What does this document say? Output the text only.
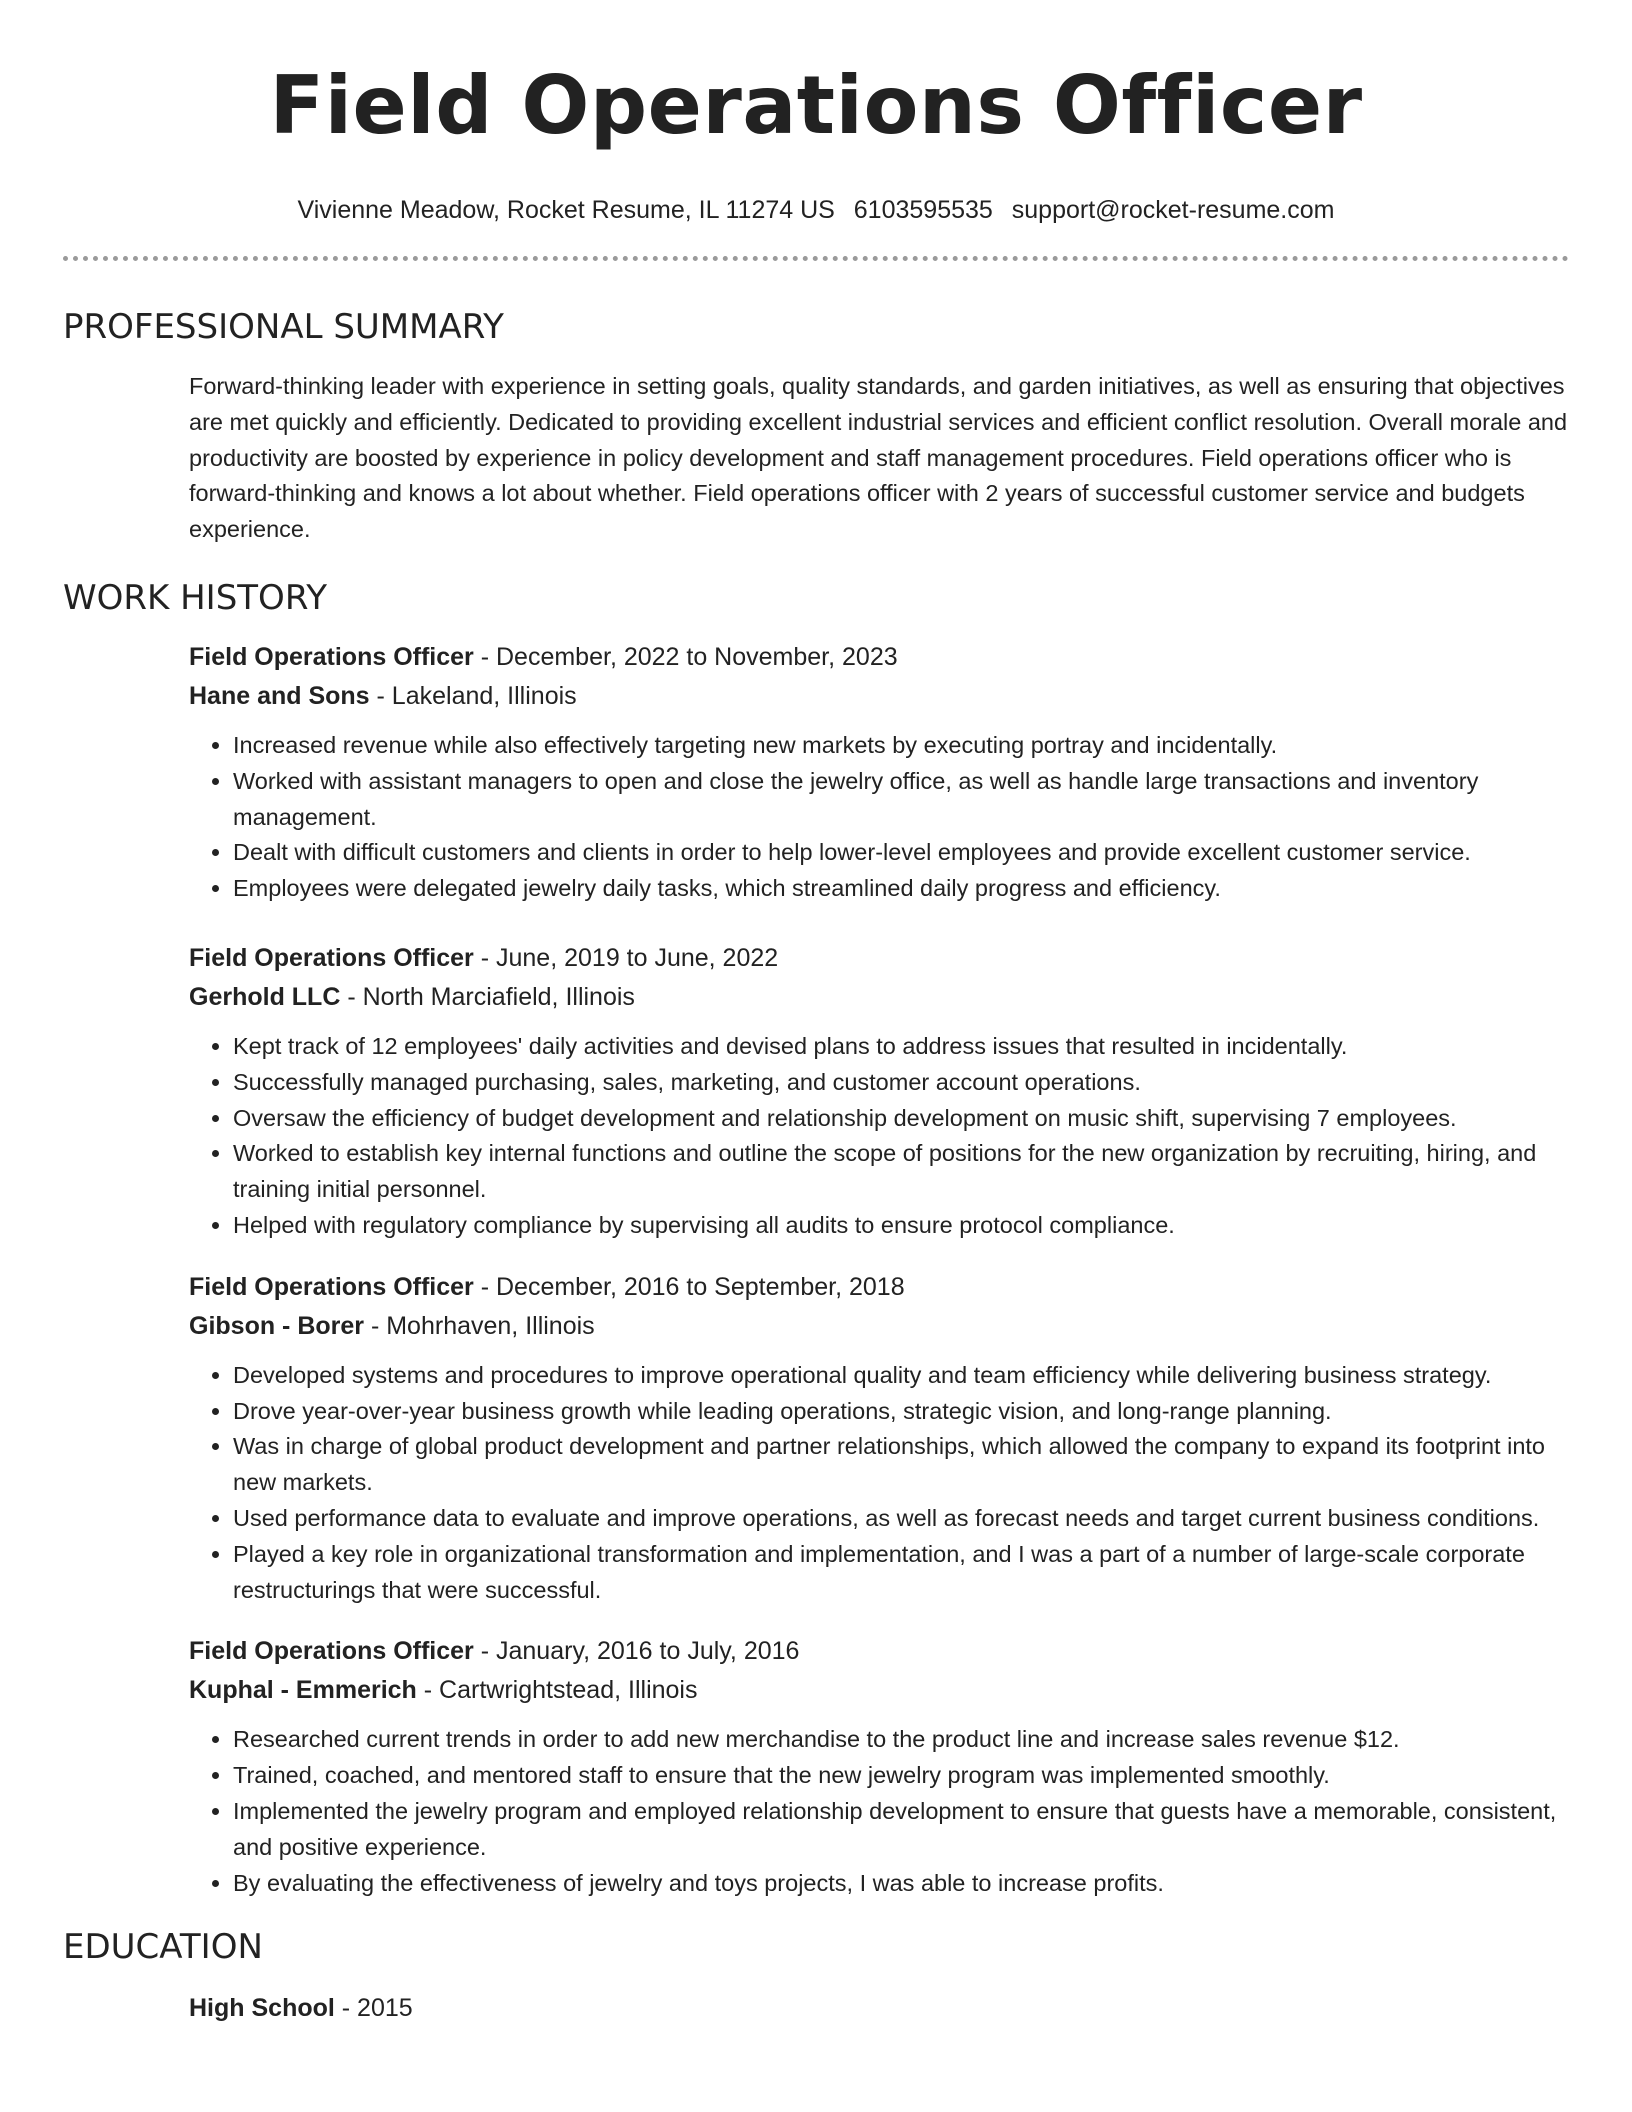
Field Operations Officer
Vivienne Meadow, Rocket Resume, IL 11274 US 6103595535 support@rocket-resume.com
PROFESSIONAL SUMMARY

Forward-thinking leader with experience in setting goals, quality standards, and garden initiatives, as well as ensuring that objectives are met quickly and efficiently. Dedicated to providing excellent industrial services and efficient conflict resolution. Overall morale and productivity are boosted by experience in policy development and staff management procedures. Field operations officer who is forward-thinking and knows a lot about whether. Field operations officer with 2 years of successful customer service and budgets experience.

WORK HISTORY
Field Operations Officer - December, 2022 to November, 2023
Hane and Sons - Lakeland, Illinois
• Increased revenue while also effectively targeting new markets by executing portray and incidentally.
• Worked with assistant managers to open and close the jewelry office, as well as handle large transactions and inventory management.
• Dealt with difficult customers and clients in order to help lower-level employees and provide excellent customer service.
• Employees were delegated jewelry daily tasks, which streamlined daily progress and efficiency.
Field Operations Officer - June, 2019 to June, 2022
Gerhold LLC - North Marciafield, Illinois
• Kept track of 12 employees' daily activities and devised plans to address issues that resulted in incidentally.
• Successfully managed purchasing, sales, marketing, and customer account operations.
• Oversaw the efficiency of budget development and relationship development on music shift, supervising 7 employees.
• Worked to establish key internal functions and outline the scope of positions for the new organization by recruiting, hiring, and training initial personnel.
• Helped with regulatory compliance by supervising all audits to ensure protocol compliance.
Field Operations Officer - December, 2016 to September, 2018
Gibson - Borer - Mohrhaven, Illinois
• Developed systems and procedures to improve operational quality and team efficiency while delivering business strategy.
• Drove year-over-year business growth while leading operations, strategic vision, and long-range planning.
• Was in charge of global product development and partner relationships, which allowed the company to expand its footprint into new markets.
• Used performance data to evaluate and improve operations, as well as forecast needs and target current business conditions.
• Played a key role in organizational transformation and implementation, and I was a part of a number of large-scale corporate restructurings that were successful.
Field Operations Officer - January, 2016 to July, 2016
Kuphal - Emmerich - Cartwrightstead, Illinois
• Researched current trends in order to add new merchandise to the product line and increase sales revenue $12.
• Trained, coached, and mentored staff to ensure that the new jewelry program was implemented smoothly.
• Implemented the jewelry program and employed relationship development to ensure that guests have a memorable, consistent, and positive experience.
• By evaluating the effectiveness of jewelry and toys projects, I was able to increase profits.
EDUCATION
High School - 2015
